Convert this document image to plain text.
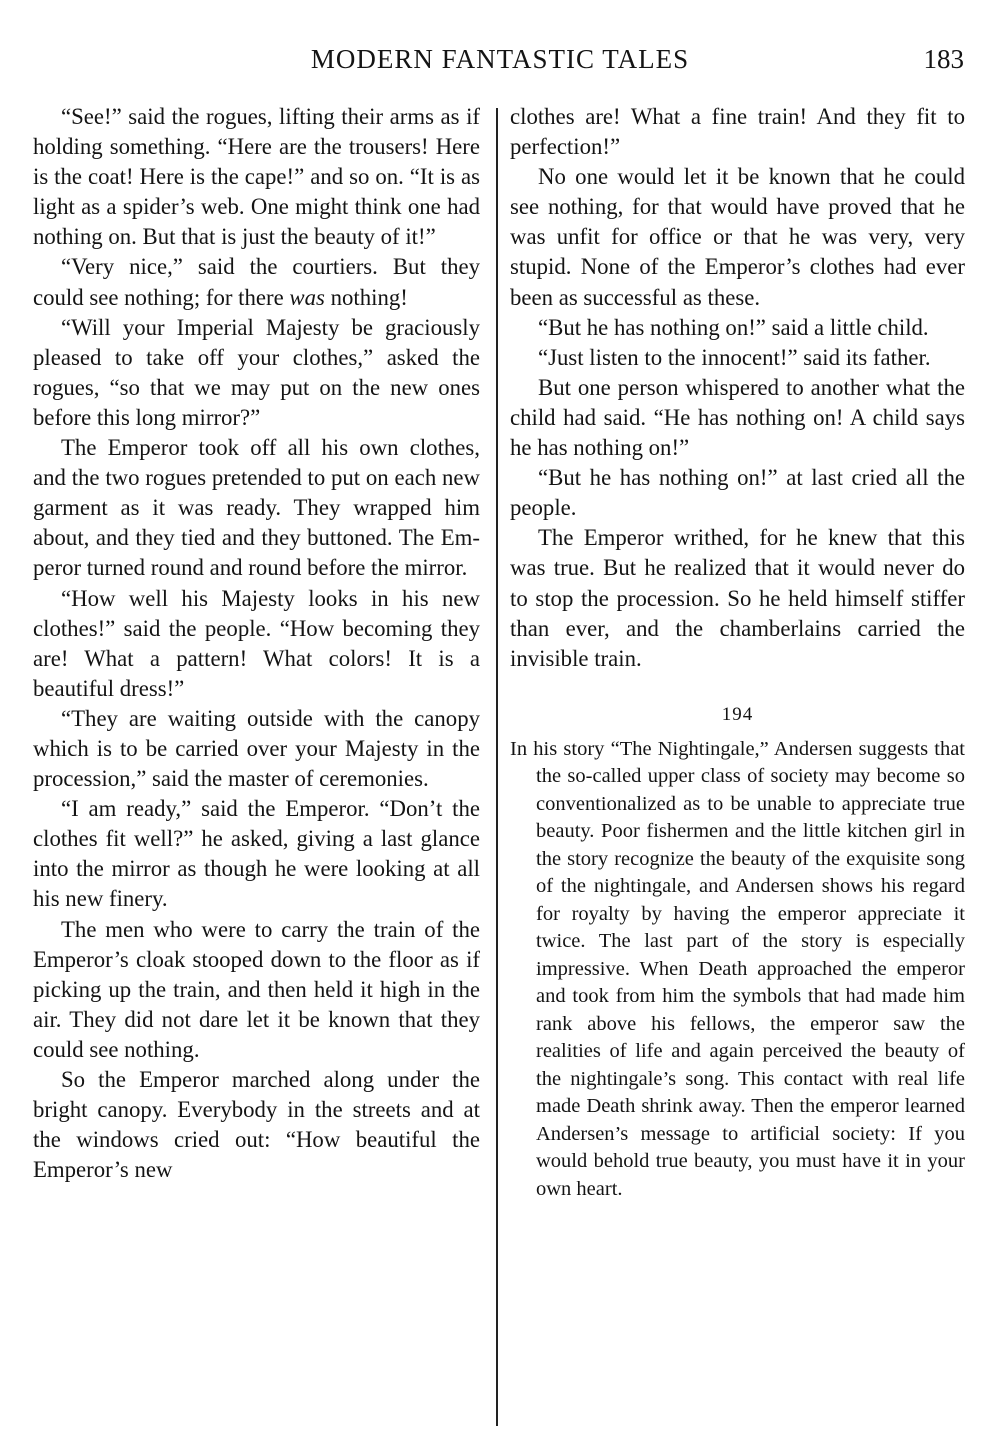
MODERN FANTASTIC TALES	183

“See!” said the rogues, lifting their arms as if holding something. “Here are the trousers! Here is the coat! Here is the cape!” and so on. “It is as light as a spider’s web. One might think one had nothing on. But that is just the beauty of it!”

“Very nice,” said the courtiers. But they could see nothing; for there was nothing!

“Will your Imperial Majesty be graciously pleased to take off your clothes,” asked the rogues, “so that we may put on the new ones before this long mirror?”

The Emperor took off all his own clothes, and the two rogues pretended to put on each new garment as it was ready. They wrapped him about, and they tied and they buttoned. The Emperor turned round and round before the mirror.

“How well his Majesty looks in his new clothes!” said the people. “How becoming they are! What a pattern! What colors! It is a beautiful dress!”

“They are waiting outside with the canopy which is to be carried over your Majesty in the procession,” said the master of ceremonies.

“I am ready,” said the Emperor. “Don’t the clothes fit well?” he asked, giving a last glance into the mirror as though he were looking at all his new finery.

The men who were to carry the train of the Emperor’s cloak stooped down to the floor as if picking up the train, and then held it high in the air. They did not dare let it be known that they could see nothing.

So the Emperor marched along under the bright canopy. Everybody in the streets and at the windows cried out: “How beautiful the Emperor’s new

clothes are! What a fine train! And they fit to perfection!”

No one would let it be known that he could see nothing, for that would have proved that he was unfit for office or that he was very, very stupid. None of the Emperor’s clothes had ever been as successful as these.

“But he has nothing on!” said a little child.

“Just listen to the innocent!” said its father.

But one person whispered to another what the child had said. “He has nothing on! A child says he has nothing on!”

“But he has nothing on!” at last cried all the people.

The Emperor writhed, for he knew that this was true. But he realized that it would never do to stop the procession. So he held himself stiffer than ever, and the chamberlains carried the invisible train.

194
In his story “The Nightingale,” Andersen suggests that the so-called upper class of society may become so conventionalized as to be unable to appreciate true beauty. Poor fishermen and the little kitchen girl in the story recognize the beauty of the exquisite song of the nightingale, and Andersen shows his regard for royalty by having the emperor appreciate it twice. The last part of the story is especially impressive. When Death approached the emperor and took from him the symbols that had made him rank above his fellows, the emperor saw the realities of life and again perceived the beauty of the nightingale’s song. This contact with real life made Death shrink away. Then the emperor learned Andersen’s message to artificial society: If you would behold true beauty, you must have it in your own heart.
